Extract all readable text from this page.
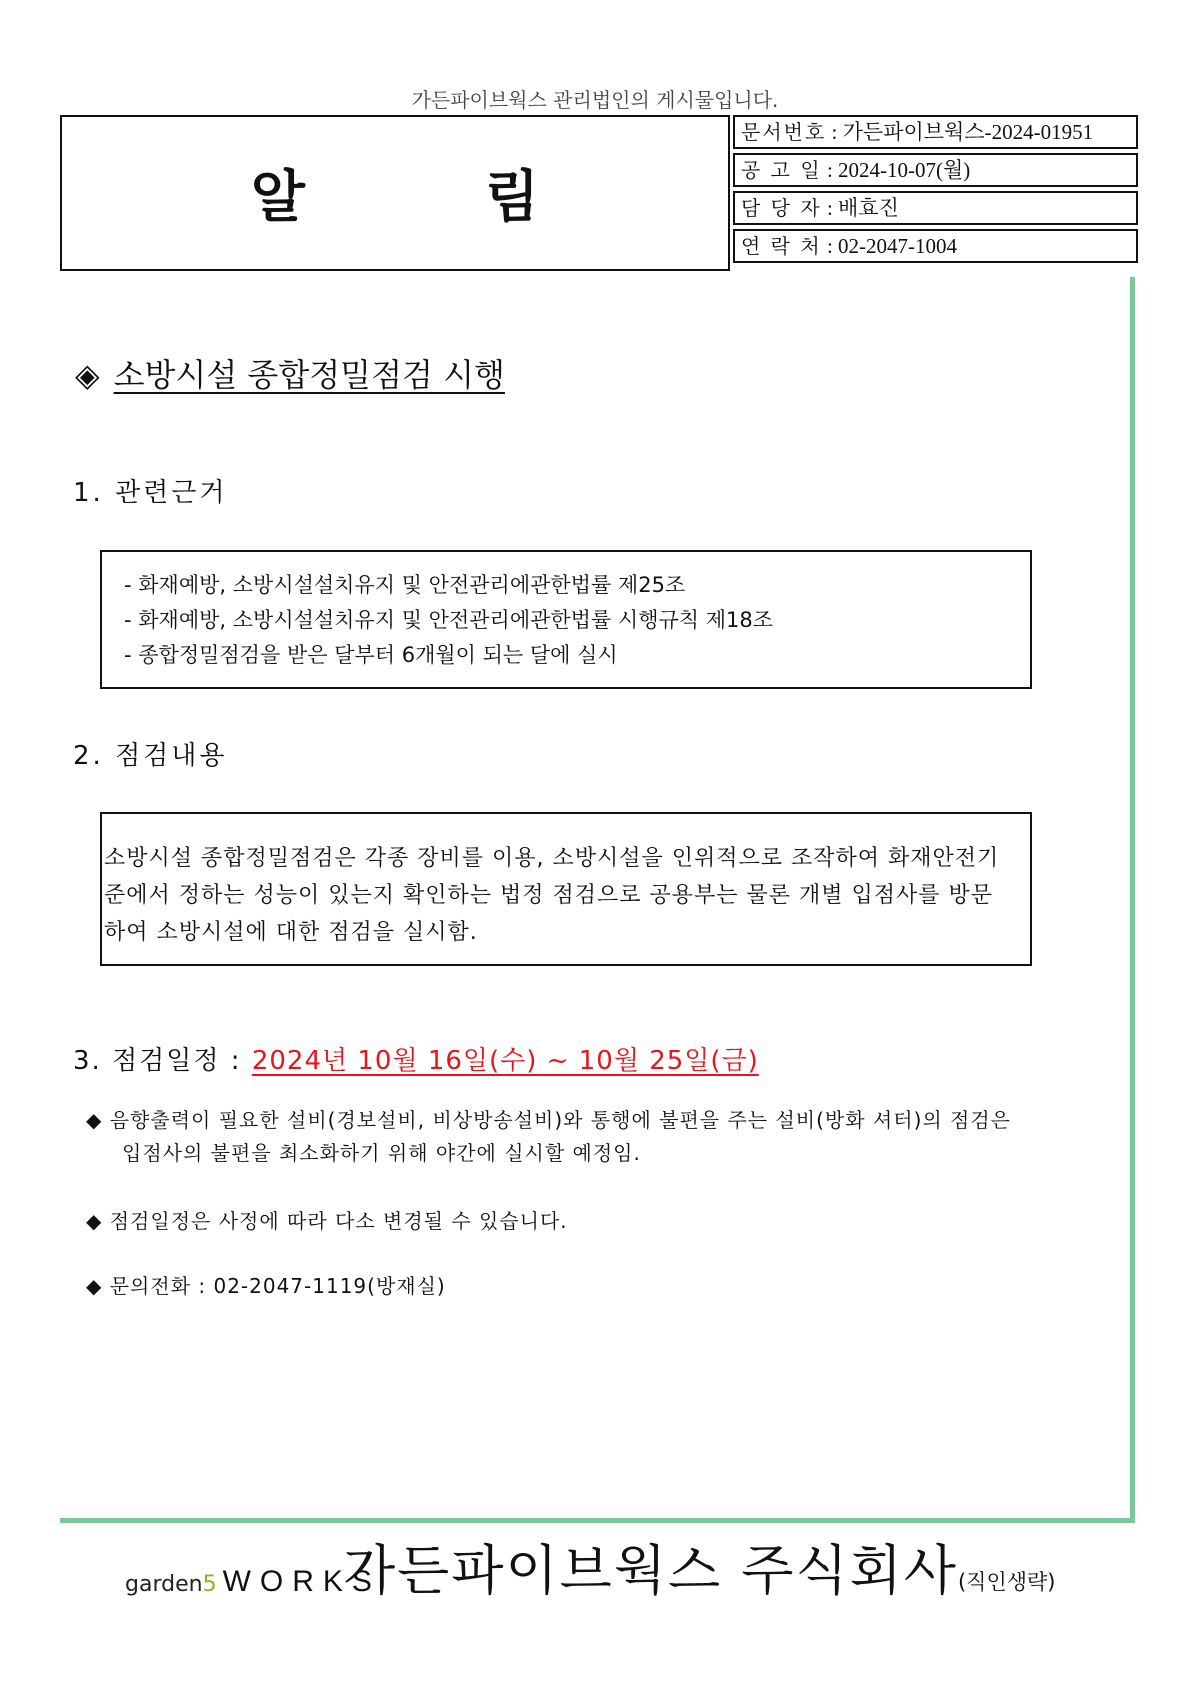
가든파이브웍스 관리법인의 게시물입니다.
알림
문서번호 : 가든파이브웍스-2024-01951
공 고 일 : 2024-10-07(월)
담 당 자 : 배효진
연 락 처 : 02-2047-1004
◈ 소방시설 종합정밀점검 시행
1. 관련근거
- 화재예방, 소방시설설치유지 및 안전관리에관한법률 제25조
- 화재예방, 소방시설설치유지 및 안전관리에관한법률 시행규칙 제18조
- 종합정밀점검을 받은 달부터 6개월이 되는 달에 실시
2. 점검내용
소방시설 종합정밀점검은 각종 장비를 이용, 소방시설을 인위적으로 조작하여 화재안전기
준에서 정하는 성능이 있는지 확인하는 법정 점검으로 공용부는 물론 개별 입점사를 방문
하여 소방시설에 대한 점검을 실시함.
3. 점검일정 : 2024년 10월 16일(수) ~ 10월 25일(금)
◆ 음향출력이 필요한 설비(경보설비, 비상방송설비)와 통행에 불편을 주는 설비(방화 셔터)의 점검은
입점사의 불편을 최소화하기 위해 야간에 실시할 예정임.
◆ 점검일정은 사정에 따라 다소 변경될 수 있습니다.
◆ 문의전화 : 02-2047-1119(방재실)
garden5 WORKS
가든파이브웍스 주식회사(직인생략)
